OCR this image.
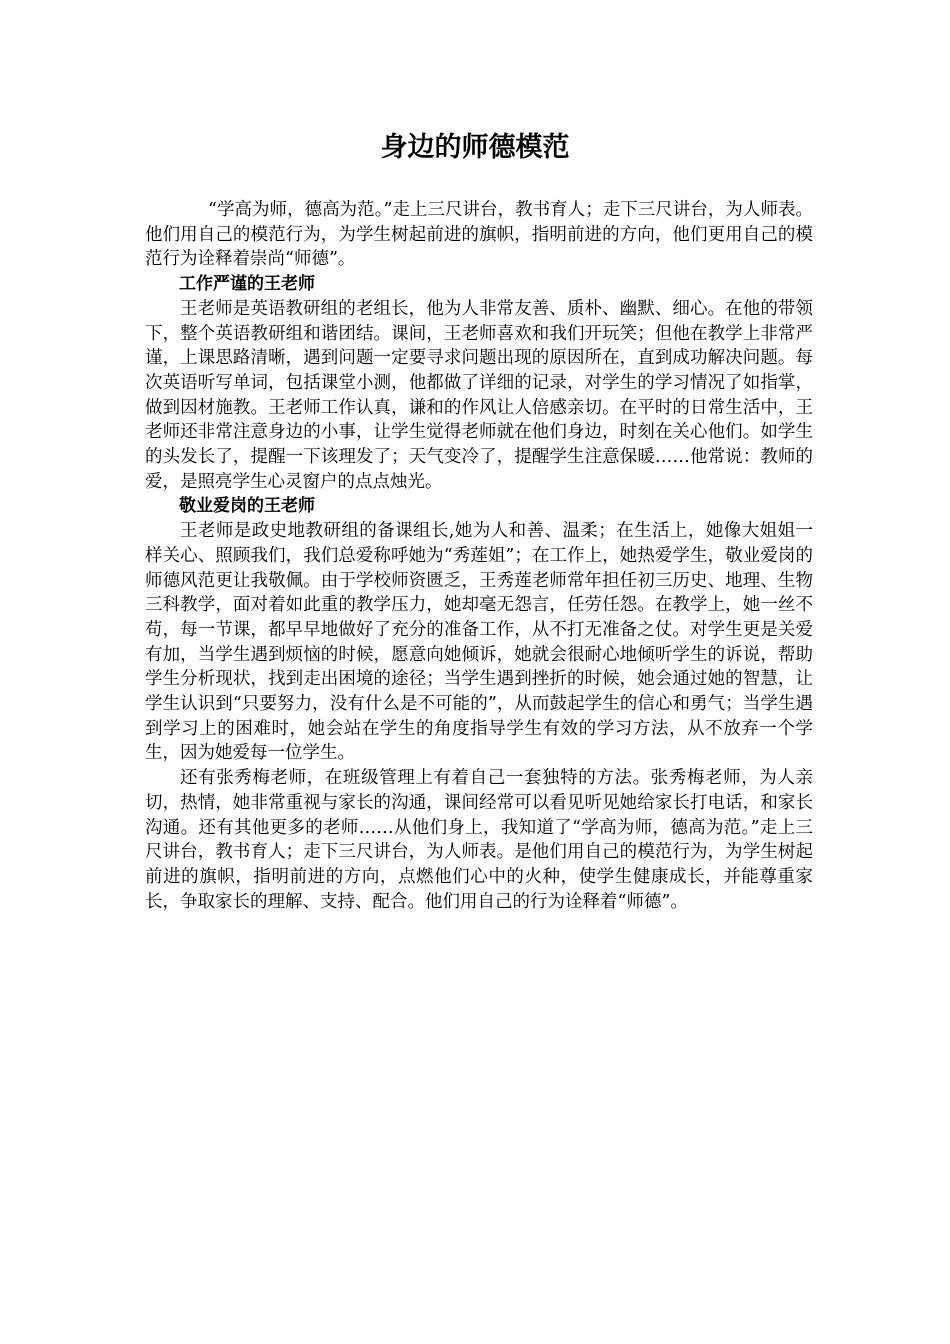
身边的师德模范

“学高为师，德高为范。”走上三尺讲台，教书育人；走下三尺讲台，为人师表。他们用自己的模范行为，为学生树起前进的旗帜，指明前进的方向，他们更用自己的模范行为诠释着崇尚“师德”。

工作严谨的王老师

王老师是英语教研组的老组长，他为人非常友善、质朴、幽默、细心。在他的带领下，整个英语教研组和谐团结。课间，王老师喜欢和我们开玩笑；但他在教学上非常严谨，上课思路清晰，遇到问题一定要寻求问题出现的原因所在，直到成功解决问题。每次英语听写单词，包括课堂小测，他都做了详细的记录，对学生的学习情况了如指掌，做到因材施教。王老师工作认真，谦和的作风让人倍感亲切。在平时的日常生活中，王老师还非常注意身边的小事，让学生觉得老师就在他们身边，时刻在关心他们。如学生的头发长了，提醒一下该理发了；天气变冷了，提醒学生注意保暖……他常说：教师的爱，是照亮学生心灵窗户的点点烛光。

敬业爱岗的王老师

王老师是政史地教研组的备课组长,她为人和善、温柔；在生活上，她像大姐姐一样关心、照顾我们，我们总爱称呼她为“秀莲姐”；在工作上，她热爱学生，敬业爱岗的师德风范更让我敬佩。由于学校师资匮乏，王秀莲老师常年担任初三历史、地理、生物三科教学，面对着如此重的教学压力，她却毫无怨言，任劳任怨。在教学上，她一丝不苟，每一节课，都早早地做好了充分的准备工作，从不打无准备之仗。对学生更是关爱有加，当学生遇到烦恼的时候，愿意向她倾诉，她就会很耐心地倾听学生的诉说，帮助学生分析现状，找到走出困境的途径；当学生遇到挫折的时候，她会通过她的智慧，让学生认识到“只要努力，没有什么是不可能的”，从而鼓起学生的信心和勇气；当学生遇到学习上的困难时，她会站在学生的角度指导学生有效的学习方法，从不放弃一个学生，因为她爱每一位学生。

还有张秀梅老师，在班级管理上有着自己一套独特的方法。张秀梅老师，为人亲切，热情，她非常重视与家长的沟通，课间经常可以看见听见她给家长打电话，和家长沟通。还有其他更多的老师……从他们身上，我知道了“学高为师，德高为范。”走上三尺讲台，教书育人；走下三尺讲台，为人师表。是他们用自己的模范行为，为学生树起前进的旗帜，指明前进的方向，点燃他们心中的火种，使学生健康成长，并能尊重家长，争取家长的理解、支持、配合。他们用自己的行为诠释着“师德”。
